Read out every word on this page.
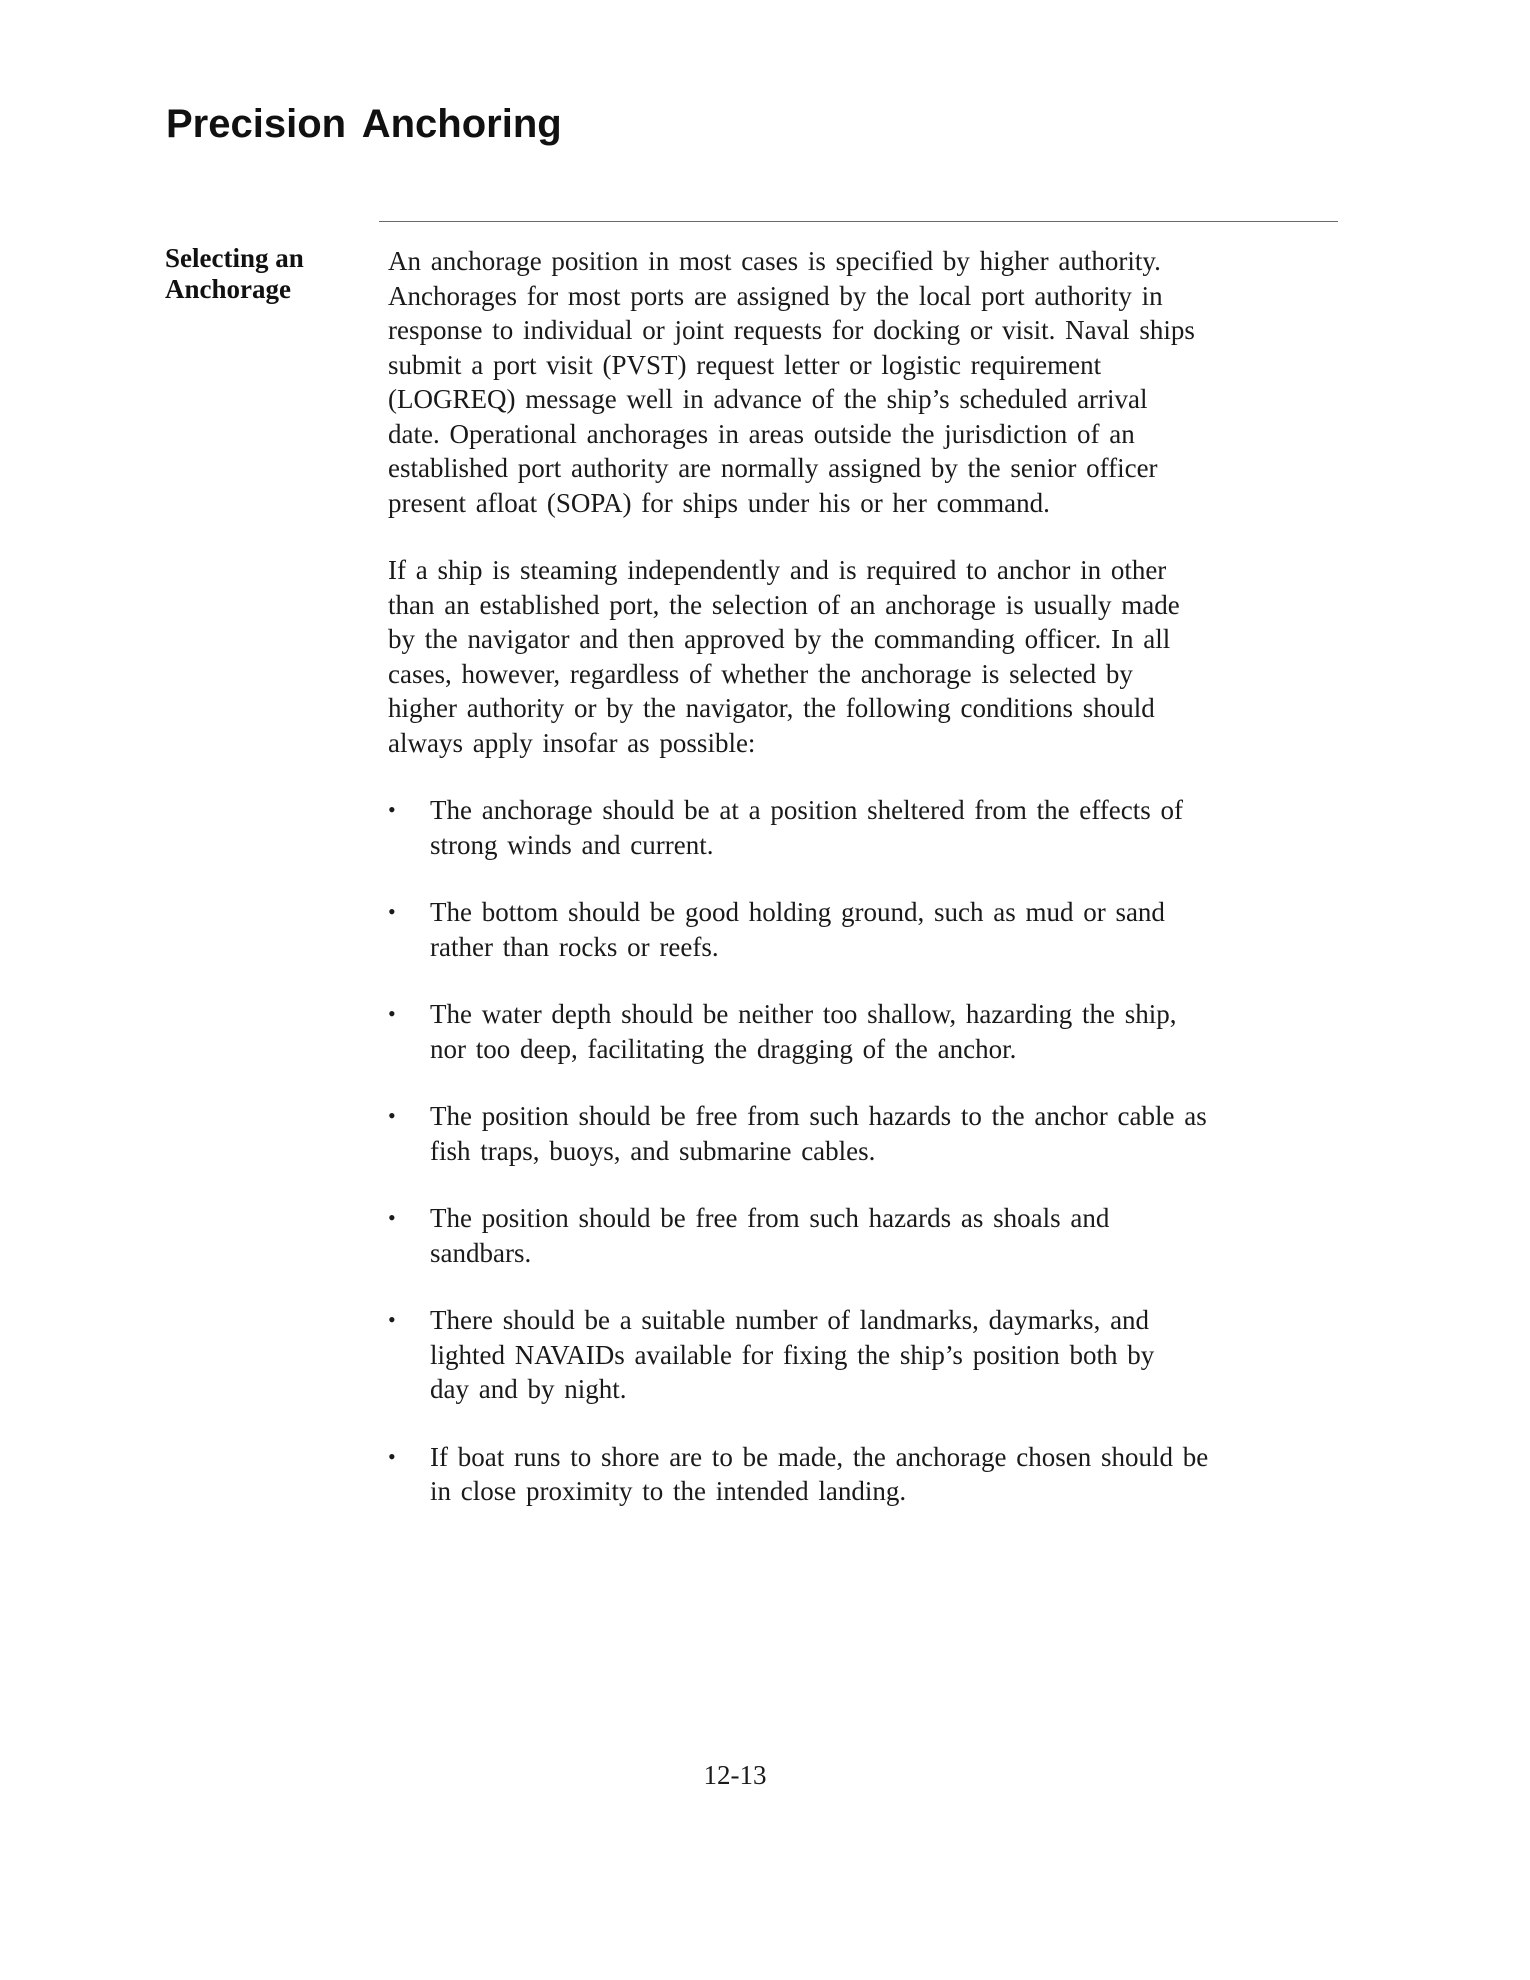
Precision Anchoring
Selecting an
Anchorage

An anchorage position in most cases is specified by higher authority.
Anchorages for most ports are assigned by the local port authority in
response to individual or joint requests for docking or visit. Naval ships
submit a port visit (PVST) request letter or logistic requirement
(LOGREQ) message well in advance of the ship’s scheduled arrival
date. Operational anchorages in areas outside the jurisdiction of an
established port authority are normally assigned by the senior officer
present afloat (SOPA) for ships under his or her command.

If a ship is steaming independently and is required to anchor in other
than an established port, the selection of an anchorage is usually made
by the navigator and then approved by the commanding officer. In all
cases, however, regardless of whether the anchorage is selected by
higher authority or by the navigator, the following conditions should
always apply insofar as possible:

• The anchorage should be at a position sheltered from the effects of
strong winds and current.
• The bottom should be good holding ground, such as mud or sand
rather than rocks or reefs.
• The water depth should be neither too shallow, hazarding the ship,
nor too deep, facilitating the dragging of the anchor.
• The position should be free from such hazards to the anchor cable as
fish traps, buoys, and submarine cables.
• The position should be free from such hazards as shoals and
sandbars.
• There should be a suitable number of landmarks, daymarks, and
lighted NAVAIDs available for fixing the ship’s position both by
day and by night.
• If boat runs to shore are to be made, the anchorage chosen should be
in close proximity to the intended landing.
12-13
